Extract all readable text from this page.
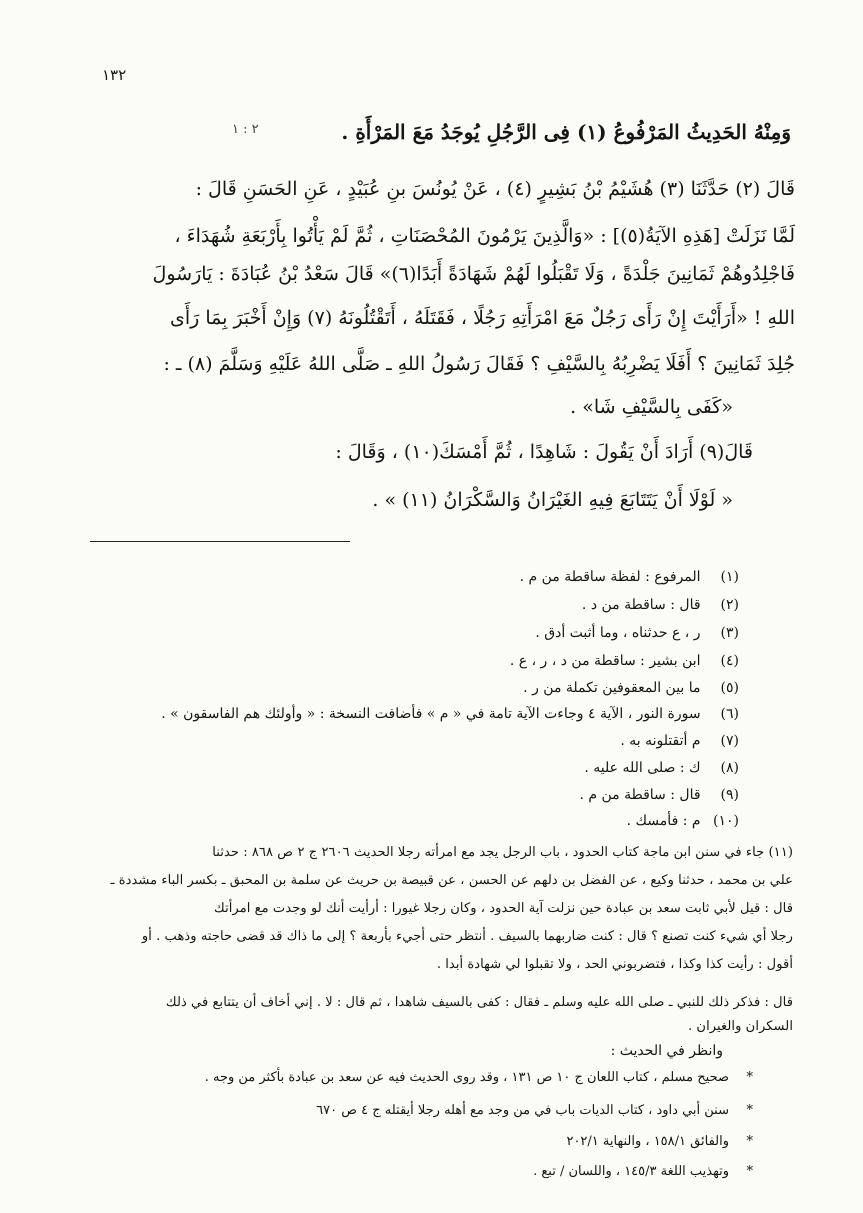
١٣٢
وَمِنْهُ الحَدِيثُ المَرْفُوعُ (١) فِى الرَّجُلِ يُوجَدُ مَعَ المَرْأَةِ .
٢ : ١
قَالَ (٢) حَدَّثَنَا (٣) هُشَيْمُ بْنُ بَشِيرٍ (٤) ، عَنْ يُونُسَ بنِ عُبَيْدٍ ، عَنِ الحَسَنِ قَالَ :
لَمَّا نَزَلَتْ [هَذِهِ الآيَةُ(٥)] : «وَالَّذِينَ يَرْمُونَ المُحْصَنَاتِ ، ثُمَّ لَمْ يَأْتُوا بِأَرْبَعَةِ شُهَدَاءَ ،
فَاجْلِدُوهُمْ ثَمَانِينَ جَلْدَةً ، وَلَا تَقْبَلُوا لَهُمْ شَهَادَةً أَبَدًا(٦)» قَالَ سَعْدُ بْنُ عُبَادَةَ : يَارَسُولَ
اللهِ ! «أَرَأَيْتَ إِنْ رَأَى رَجُلٌ مَعَ امْرَأَتِهِ رَجُلًا ، فَقَتَلَهُ ، أَتَقْتُلُونَهُ (٧) وَإِنْ أَخْبَرَ بِمَا رَأَى
جُلِدَ ثَمَانِينَ ؟ أَفَلَا يَضْرِبُهُ بِالسَّيْفِ ؟ فَقَالَ رَسُولُ اللهِ ـ صَلَّى اللهُ عَلَيْهِ وَسَلَّمَ (٨) ـ :
«كَفَى بِالسَّيْفِ شَا» .
قَالَ(٩) أَرَادَ أَنْ يَقُولَ : شَاهِدًا ، ثُمَّ أَمْسَكَ(١٠) ، وَقَالَ :
« لَوْلَا أَنْ يَتَتَابَعَ فِيهِ الغَيْرَانُ وَالسَّكْرَانُ (١١) » .
(١) المرفوع : لفظة ساقطة من م .
(٢) قال : ساقطة من د .
(٣) ر ، ع حدثناه ، وما أثبت أدق .
(٤) ابن بشير : ساقطة من د ، ر ، ع .
(٥) ما بين المعقوفين تكملة من ر .
(٦) سورة النور ، الآية ٤ وجاءت الآية تامة في « م » فأضافت النسخة : « وأولئك هم الفاسقون » .
(٧) م أتقتلونه به .
(٨) ك : صلى الله عليه .
(٩) قال : ساقطة من م .
(١٠) م : فأمسك .
(١١) جاء في سنن ابن ماجة كتاب الحدود ، باب الرجل يجد مع امرأته رجلا الحديث ٢٦٠٦ ج ٢ ص ٨٦٨ : حدثنا
علي بن محمد ، حدثنا وكيع ، عن الفضل بن دلهم عن الحسن ، عن قبيصة بن حريث عن سلمة بن المحبق ـ بكسر الباء مشددة ـ
قال : قيل لأبي ثابت سعد بن عبادة حين نزلت آية الحدود ، وكان رجلا غيورا : أرأيت أنك لو وجدت مع امرأتك
رجلا أي شيء كنت تصنع ؟ قال : كنت ضاربهما بالسيف . أنتظر حتى أجيء بأربعة ؟ إلى ما ذاك قد قضى حاجته وذهب . أو
أقول : رأيت كذا وكذا ، فتضربوني الحد ، ولا تقبلوا لي شهادة أبدا .
قال : فذكر ذلك للنبي ـ صلى الله عليه وسلم ـ فقال : كفى بالسيف شاهدا ، ثم قال : لا . إني أخاف أن يتتابع في ذلك
السكران والغيران .
وانظر في الحديث :
*صحيح مسلم ، كتاب اللعان ج ١٠ ص ١٣١ ، وقد روى الحديث فيه عن سعد بن عبادة بأكثر من وجه .
*سنن أبي داود ، كتاب الديات باب في من وجد مع أهله رجلا أيقتله ج ٤ ص ٦٧٠
*والفائق ١٥٨/١ ، والنهاية ٢٠٢/١
*وتهذيب اللغة ١٤٥/٣ ، واللسان / تبع .
